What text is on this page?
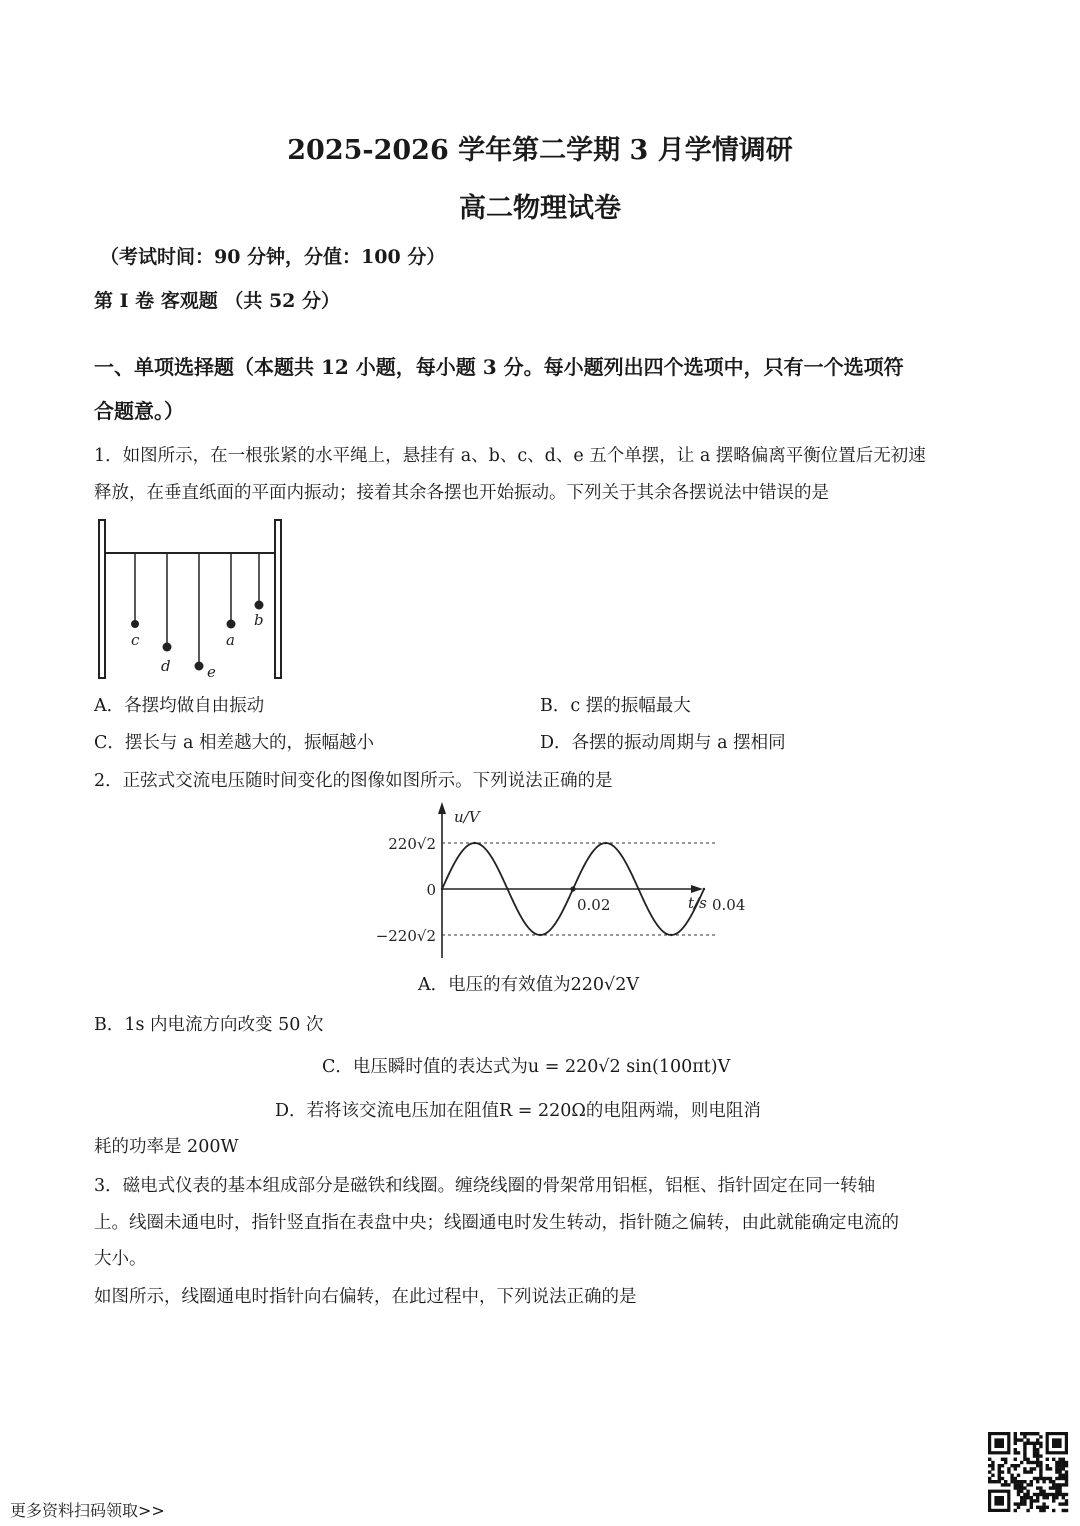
2025-2026 学年第二学期 3 月学情调研
高二物理试卷
（考试时间：90 分钟，分值：100 分）
第 I 卷 客观题 （共 52 分）
一、单项选择题（本题共 12 小题，每小题 3 分。每小题列出四个选项中，只有一个选项符
合题意。）
1．如图所示，在一根张紧的水平绳上，悬挂有 a、b、c、d、e 五个单摆，让 a 摆略偏离平衡位置后无初速
释放，在垂直纸面的平面内振动；接着其余各摆也开始振动。下列关于其余各摆说法中错误的是
c
d e
a
b
A．各摆均做自由振动	B．c 摆的振幅最大
C．摆长与 a 相差越大的，振幅越小	D．各摆的振动周期与 a 摆相同
2．正弦式交流电压随时间变化的图像如图所示。下列说法正确的是
u/V
t/s
220√2
0
−220√2
0.02	0.04
A．电压的有效值为220√2V
B．1s 内电流方向改变 50 次
C．电压瞬时值的表达式为u = 220√2 sin(100πt)V
D．若将该交流电压加在阻值R = 220Ω的电阻两端，则电阻消
耗的功率是 200W
3．磁电式仪表的基本组成部分是磁铁和线圈。缠绕线圈的骨架常用铝框，铝框、指针固定在同一转轴
上。线圈未通电时，指针竖直指在表盘中央；线圈通电时发生转动，指针随之偏转，由此就能确定电流的
大小。
如图所示，线圈通电时指针向右偏转，在此过程中，下列说法正确的是
更多资料扫码领取>>
